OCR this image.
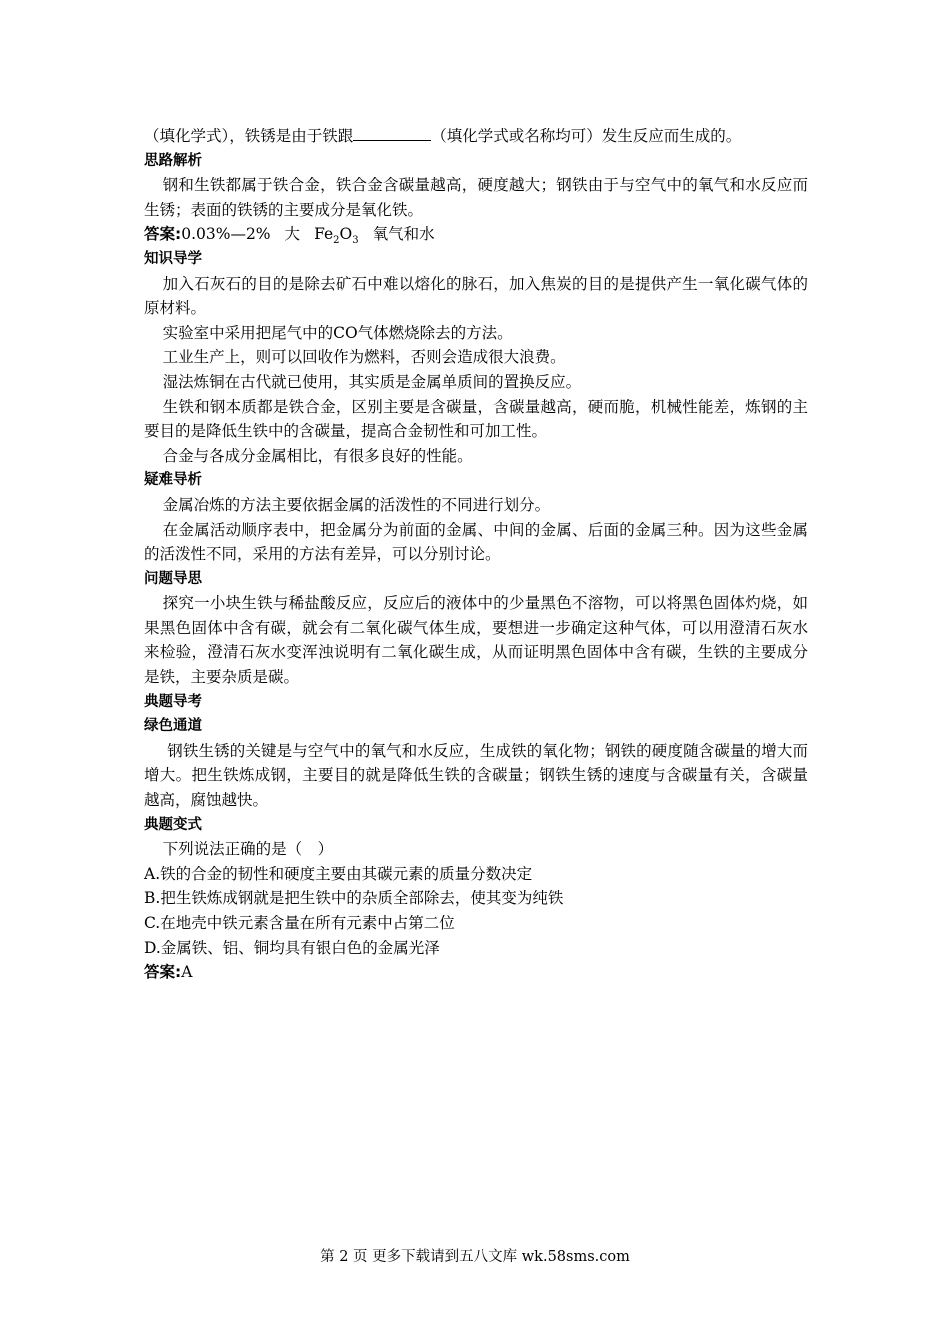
（填化学式），铁锈是由于铁跟	（填化学式或名称均可）发生反应而生成的。
思路解析
钢和生铁都属于铁合金，铁合金含碳量越高，硬度越大；钢铁由于与空气中的氧气和水反应而生锈；表面的铁锈的主要成分是氧化铁。
答案:0.03%—2% 大 $Fe_2O_3$ 氧气和水
知识导学
加入石灰石的目的是除去矿石中难以熔化的脉石，加入焦炭的目的是提供产生一氧化碳气体的原材料。
实验室中采用把尾气中的CO气体燃烧除去的方法。
工业生产上，则可以回收作为燃料，否则会造成很大浪费。
湿法炼铜在古代就已使用，其实质是金属单质间的置换反应。
生铁和钢本质都是铁合金，区别主要是含碳量，含碳量越高，硬而脆，机械性能差，炼钢的主要目的是降低生铁中的含碳量，提高合金韧性和可加工性。
合金与各成分金属相比，有很多良好的性能。
疑难导析
金属冶炼的方法主要依据金属的活泼性的不同进行划分。
在金属活动顺序表中，把金属分为前面的金属、中间的金属、后面的金属三种。因为这些金属的活泼性不同，采用的方法有差异，可以分别讨论。
问题导思
探究一小块生铁与稀盐酸反应，反应后的液体中的少量黑色不溶物，可以将黑色固体灼烧，如果黑色固体中含有碳，就会有二氧化碳气体生成，要想进一步确定这种气体，可以用澄清石灰水来检验，澄清石灰水变浑浊说明有二氧化碳生成，从而证明黑色固体中含有碳，生铁的主要成分是铁，主要杂质是碳。
典题导考
绿色通道
钢铁生锈的关键是与空气中的氧气和水反应，生成铁的氧化物；钢铁的硬度随含碳量的增大而增大。把生铁炼成钢，主要目的就是降低生铁的含碳量；钢铁生锈的速度与含碳量有关，含碳量越高，腐蚀越快。
典题变式
下列说法正确的是（　）
A.铁的合金的韧性和硬度主要由其碳元素的质量分数决定
B.把生铁炼成钢就是把生铁中的杂质全部除去，使其变为纯铁
C.在地壳中铁元素含量在所有元素中占第二位
D.金属铁、铝、铜均具有银白色的金属光泽
答案:A
第 2 页 更多下载请到五八文库 wk.58sms.com
